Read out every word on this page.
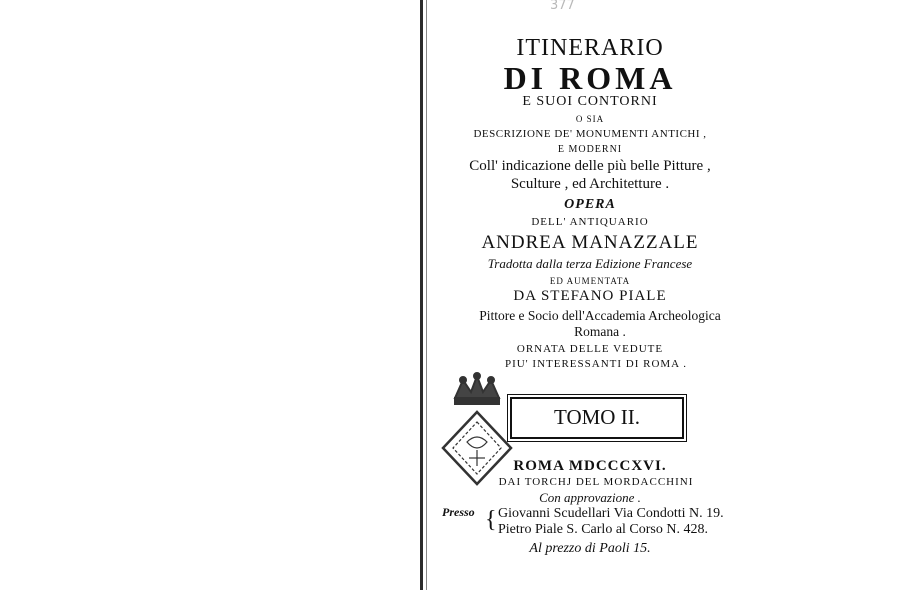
377
ITINERARIO
DI ROMA
E SUOI CONTORNI
O SIA
DESCRIZIONE DE' MONUMENTI ANTICHI ,
E MODERNI
Coll' indicazione delle più belle Pitture ,
Sculture , ed Architetture .
OPERA
DELL' ANTIQUARIO
ANDREA MANAZZALE
Tradotta dalla terza Edizione Francese
ED AUMENTATA
DA STEFANO PIALE
Pittore e Socio dell'Accademia Archeologica
Romana .
ORNATA DELLE VEDUTE
PIU' INTERESSANTI DI ROMA .
TOMO II.
ROMA MDCCCXVI.
DAI TORCHJ DEL MORDACCHINI
Con approvazione .
Presso { Giovanni Scudellari Via Condotti N. 19.
Pietro Piale S. Carlo al Corso N. 428.
Al prezzo di Paoli 15.
